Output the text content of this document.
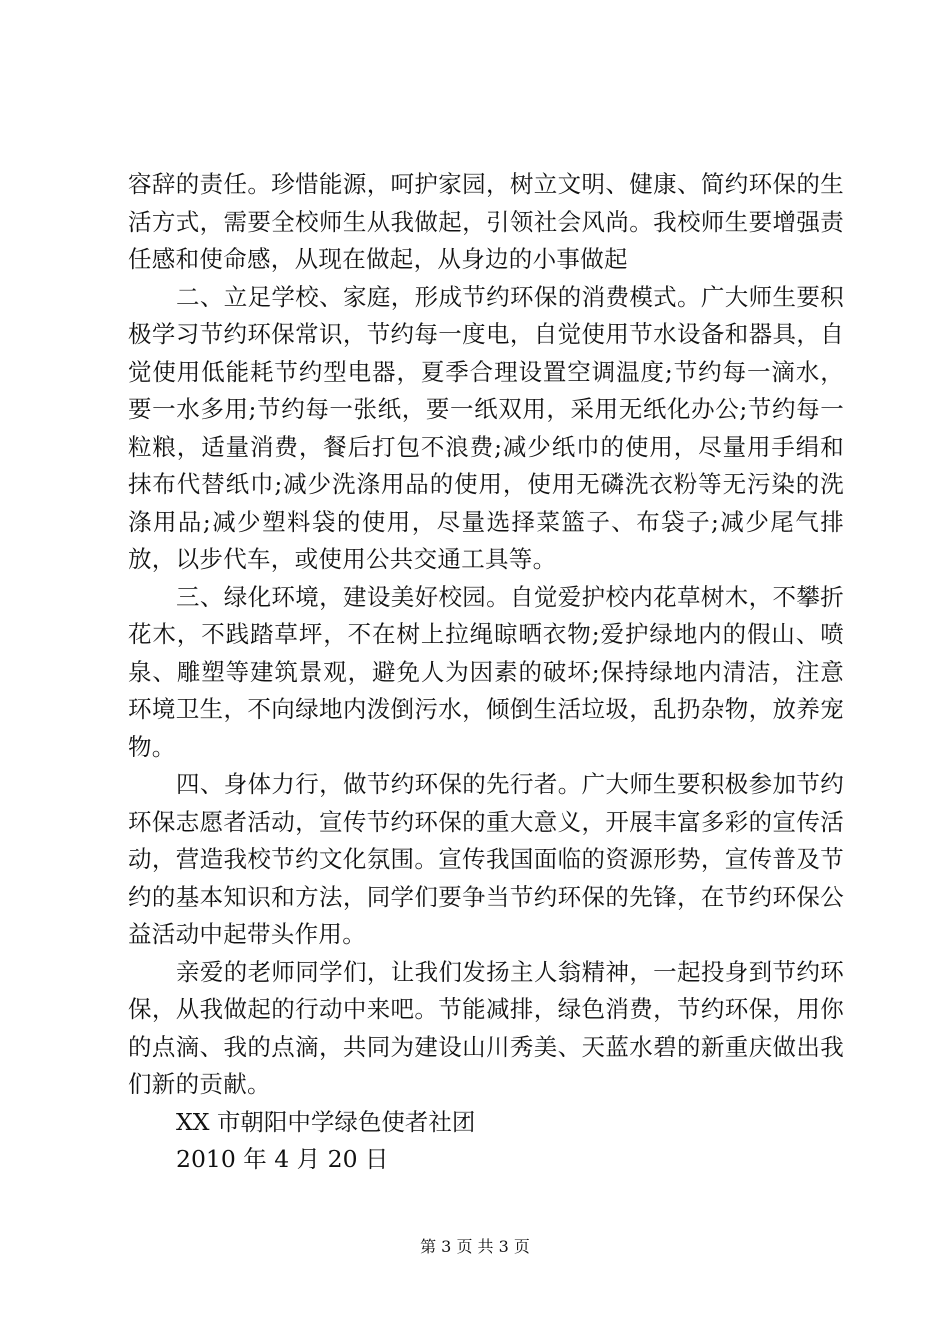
容辞的责任。珍惜能源，呵护家园，树立文明、健康、简约环保的生活方式，需要全校师生从我做起，引领社会风尚。我校师生要增强责任感和使命感，从现在做起，从身边的小事做起

二、立足学校、家庭，形成节约环保的消费模式。广大师生要积极学习节约环保常识，节约每一度电，自觉使用节水设备和器具，自觉使用低能耗节约型电器，夏季合理设置空调温度;节约每一滴水，要一水多用;节约每一张纸，要一纸双用，采用无纸化办公;节约每一粒粮，适量消费，餐后打包不浪费;减少纸巾的使用，尽量用手绢和抹布代替纸巾;减少洗涤用品的使用，使用无磷洗衣粉等无污染的洗涤用品;减少塑料袋的使用，尽量选择菜篮子、布袋子;减少尾气排放，以步代车，或使用公共交通工具等。

三、绿化环境，建设美好校园。自觉爱护校内花草树木，不攀折花木，不践踏草坪，不在树上拉绳晾晒衣物;爱护绿地内的假山、喷泉、雕塑等建筑景观，避免人为因素的破坏;保持绿地内清洁，注意环境卫生，不向绿地内泼倒污水，倾倒生活垃圾，乱扔杂物，放养宠物。

四、身体力行，做节约环保的先行者。广大师生要积极参加节约环保志愿者活动，宣传节约环保的重大意义，开展丰富多彩的宣传活动，营造我校节约文化氛围。宣传我国面临的资源形势，宣传普及节约的基本知识和方法，同学们要争当节约环保的先锋，在节约环保公益活动中起带头作用。

亲爱的老师同学们，让我们发扬主人翁精神，一起投身到节约环保，从我做起的行动中来吧。节能减排，绿色消费，节约环保，用你的点滴、我的点滴，共同为建设山川秀美、天蓝水碧的新重庆做出我们新的贡献。

XX 市朝阳中学绿色使者社团

2010 年 4 月 20 日

第 3 页 共 3 页
